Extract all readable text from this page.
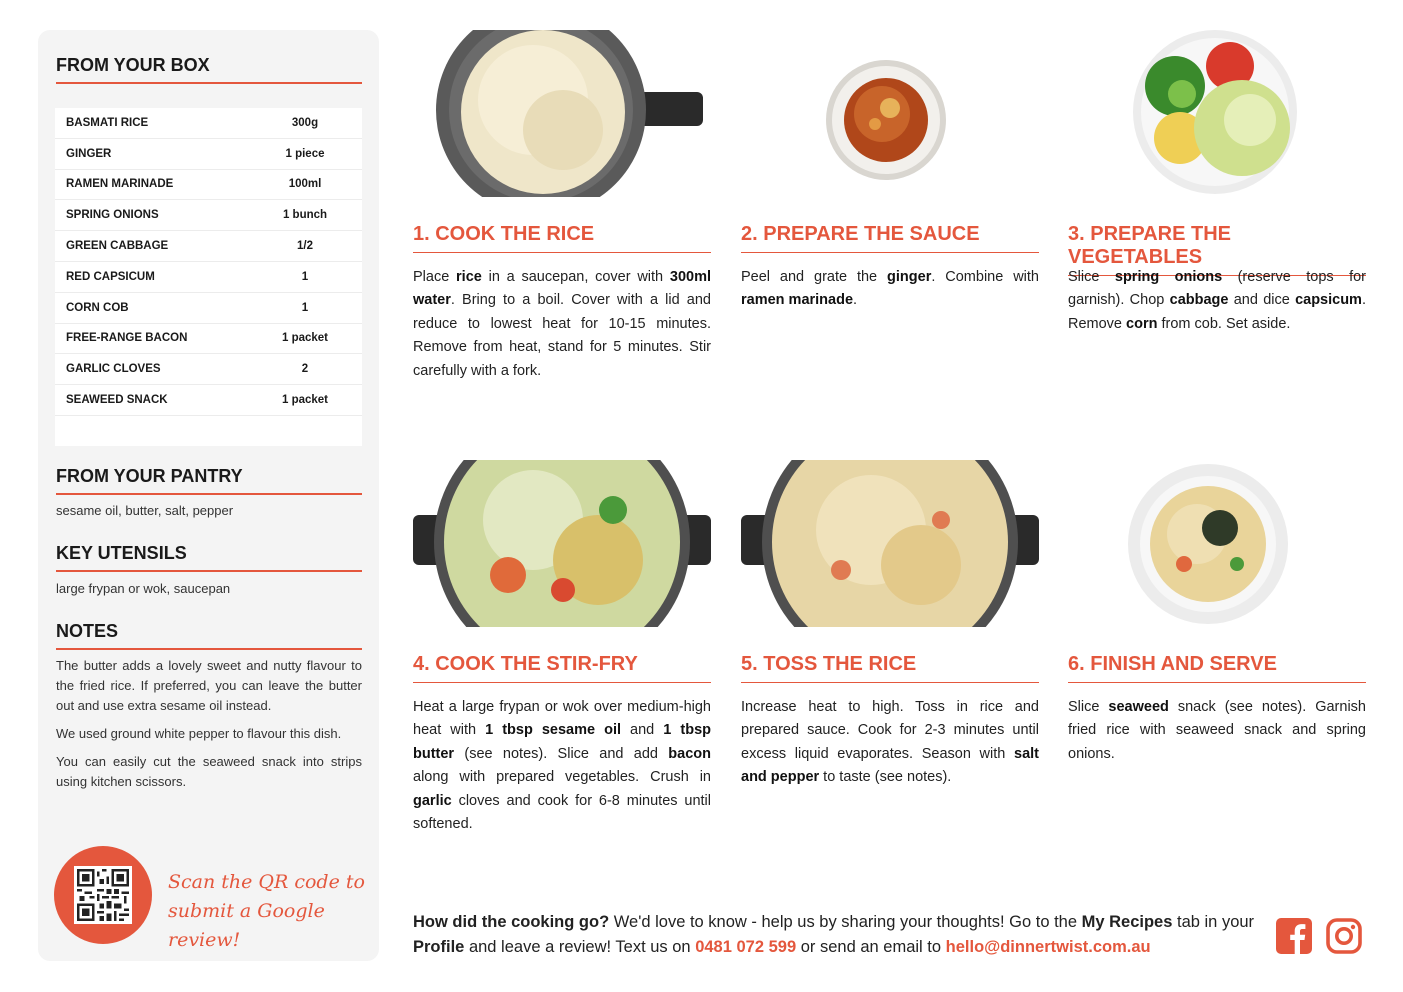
FROM YOUR BOX
BASMATI RICE	300g
GINGER	1 piece
RAMEN MARINADE	100ml
SPRING ONIONS	1 bunch
GREEN CABBAGE	1/2
RED CAPSICUM	1
CORN COB	1
FREE-RANGE BACON	1 packet
GARLIC CLOVES	2
SEAWEED SNACK	1 packet
FROM YOUR PANTRY
sesame oil, butter, salt, pepper
KEY UTENSILS
large frypan or wok, saucepan
NOTES

The butter adds a lovely sweet and nutty flavour to the fried rice. If preferred, you can leave the butter out and use extra sesame oil instead.

We used ground white pepper to flavour this dish.

You can easily cut the seaweed snack into strips using kitchen scissors.

Scan the QR code to
submit a Google review!
1. COOK THE RICE
Place rice in a saucepan, cover with 300ml water. Bring to a boil. Cover with a lid and reduce to lowest heat for 10-15 minutes. Remove from heat, stand for 5 minutes. Stir carefully with a fork.
2. PREPARE THE SAUCE
Peel and grate the ginger. Combine with ramen marinade.
3. PREPARE THE VEGETABLES
Slice spring onions (reserve tops for garnish). Chop cabbage and dice capsicum. Remove corn from cob. Set aside.
4. COOK THE STIR-FRY
Heat a large frypan or wok over medium-high heat with 1 tbsp sesame oil and 1 tbsp butter (see notes). Slice and add bacon along with prepared vegetables. Crush in garlic cloves and cook for 6-8 minutes until softened.
5. TOSS THE RICE
Increase heat to high. Toss in rice and prepared sauce. Cook for 2-3 minutes until excess liquid evaporates. Season with salt and pepper to taste (see notes).
6. FINISH AND SERVE
Slice seaweed snack (see notes). Garnish fried rice with seaweed snack and spring onions.
How did the cooking go? We'd love to know - help us by sharing your thoughts! Go to the My Recipes tab in your Profile and leave a review! Text us on 0481 072 599 or send an email to hello@dinnertwist.com.au
